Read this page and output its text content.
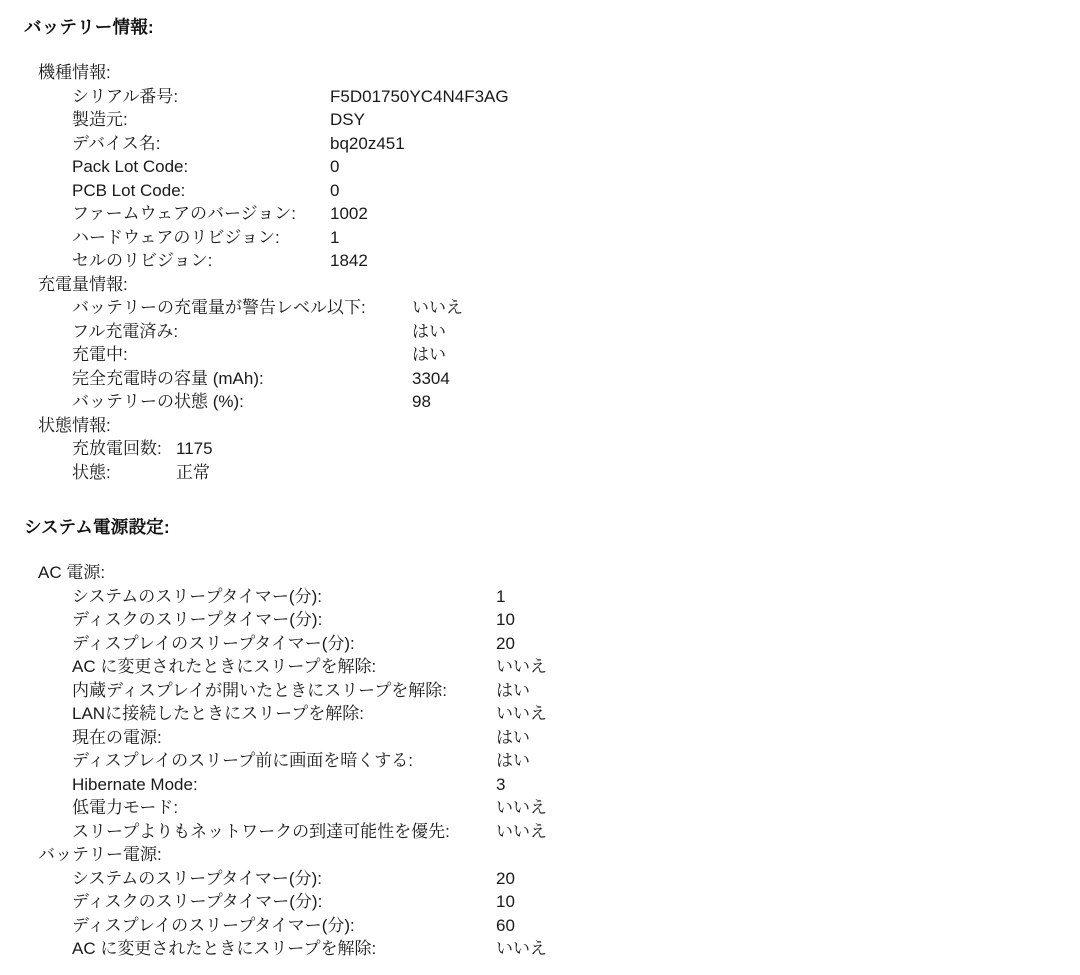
バッテリー情報:
機種情報:
シリアル番号:	F5D01750YC4N4F3AG
製造元:	DSY
デバイス名:	bq20z451
Pack Lot Code:	0
PCB Lot Code:	0
ファームウェアのバージョン:	1002
ハードウェアのリビジョン:	1
セルのリビジョン:	1842
充電量情報:
バッテリーの充電量が警告レベル以下:	いいえ
フル充電済み:	はい
充電中:	はい
完全充電時の容量 (mAh):	3304
バッテリーの状態 (%):	98
状態情報:
充放電回数: 1175
状態:	正常
システム電源設定:
AC 電源:
システムのスリープタイマー(分):	1
ディスクのスリープタイマー(分):	10
ディスプレイのスリープタイマー(分):	20
AC に変更されたときにスリープを解除:	いいえ
内蔵ディスプレイが開いたときにスリープを解除:	はい
LANに接続したときにスリープを解除:	いいえ
現在の電源:	はい
ディスプレイのスリープ前に画面を暗くする:	はい
Hibernate Mode:	3
低電力モード:	いいえ
スリープよりもネットワークの到達可能性を優先:	いいえ
バッテリー電源:
システムのスリープタイマー(分):	20
ディスクのスリープタイマー(分):	10
ディスプレイのスリープタイマー(分):	60
AC に変更されたときにスリープを解除:	いいえ
